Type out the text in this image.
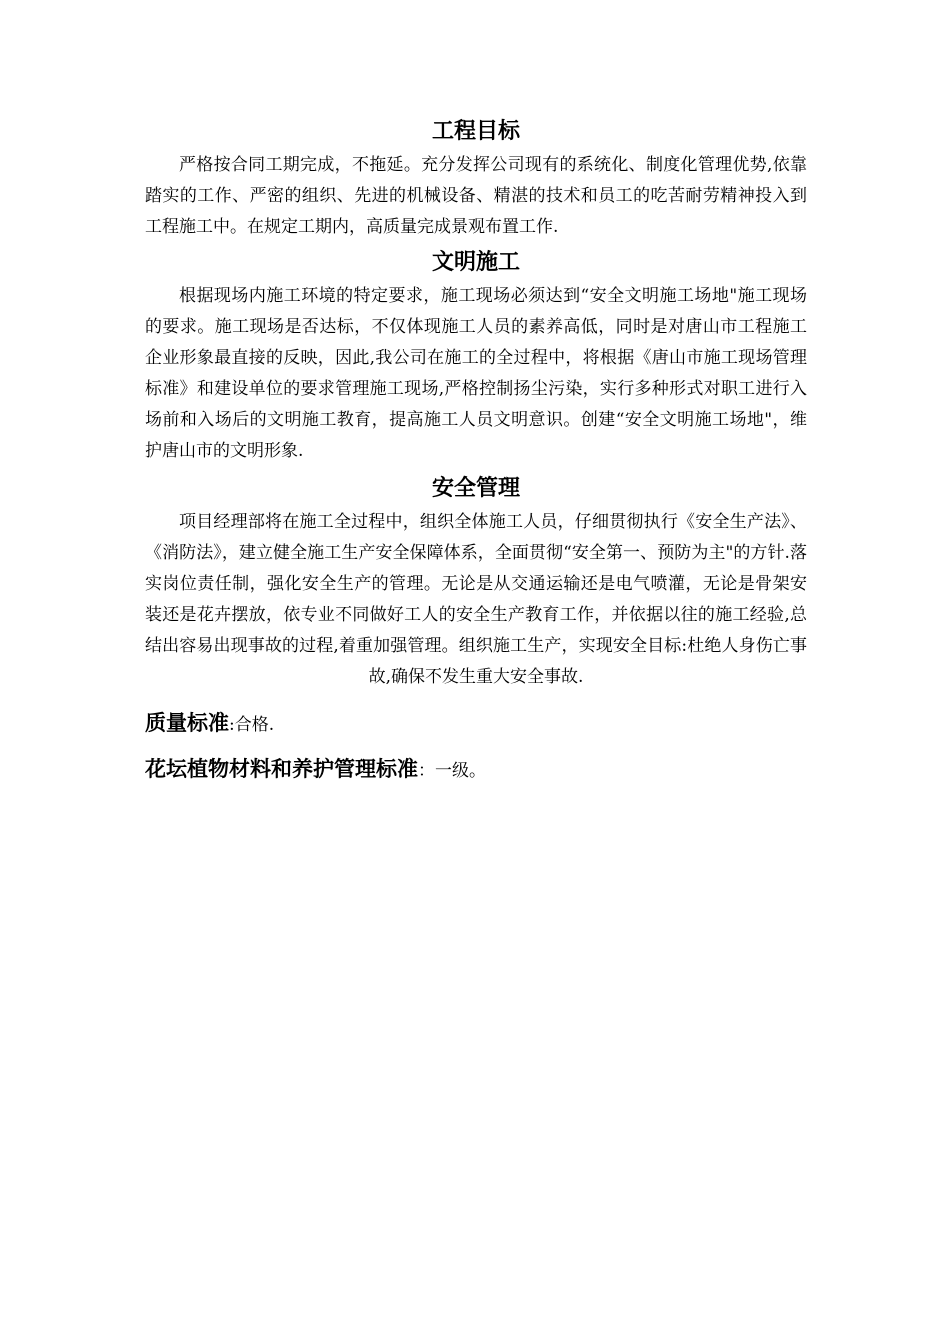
工程目标

严格按合同工期完成，不拖延。充分发挥公司现有的系统化、制度化管理优势,依靠踏实的工作、严密的组织、先进的机械设备、精湛的技术和员工的吃苦耐劳精神投入到工程施工中。在规定工期内，高质量完成景观布置工作.

文明施工

根据现场内施工环境的特定要求，施工现场必须达到“安全文明施工场地"施工现场的要求。施工现场是否达标，不仅体现施工人员的素养高低，同时是对唐山市工程施工企业形象最直接的反映，因此,我公司在施工的全过程中，将根据《唐山市施工现场管理标准》和建设单位的要求管理施工现场,严格控制扬尘污染，实行多种形式对职工进行入场前和入场后的文明施工教育，提高施工人员文明意识。创建“安全文明施工场地"，维护唐山市的文明形象.

安全管理

项目经理部将在施工全过程中，组织全体施工人员，仔细贯彻执行《安全生产法》、《消防法》，建立健全施工生产安全保障体系，全面贯彻“安全第一、预防为主"的方针.落实岗位责任制，强化安全生产的管理。无论是从交通运输还是电气喷灌，无论是骨架安装还是花卉摆放，依专业不同做好工人的安全生产教育工作，并依据以往的施工经验,总结出容易出现事故的过程,着重加强管理。组织施工生产，实现安全目标:杜绝人身伤亡事故,确保不发生重大安全事故.

质量标准:合格.

花坛植物材料和养护管理标准：一级。
